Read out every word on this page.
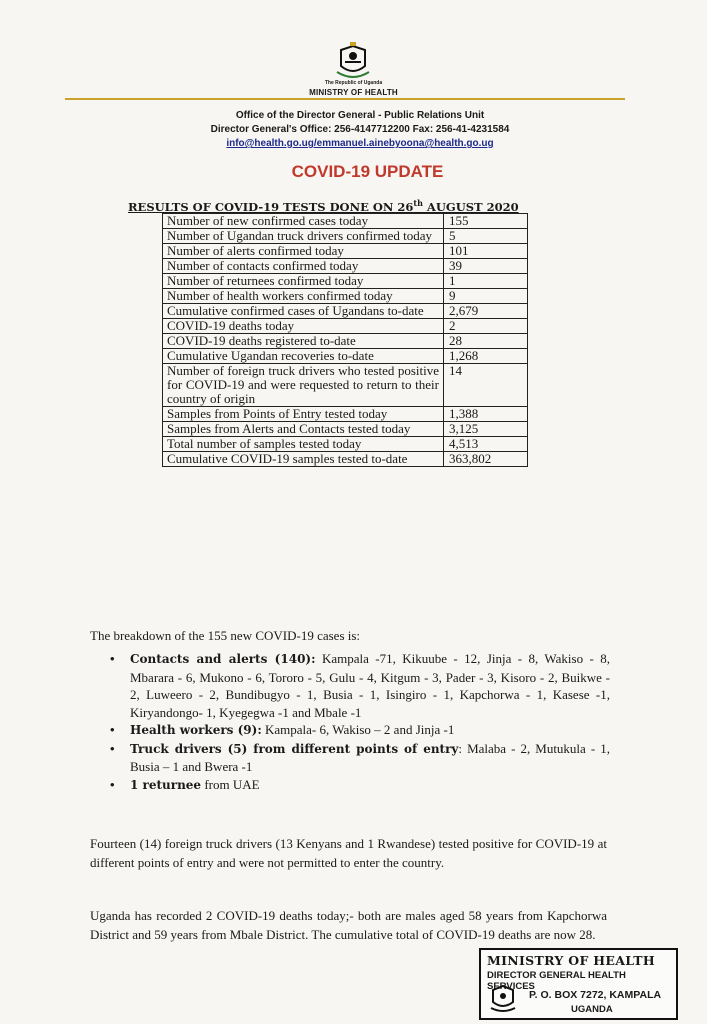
The Republic of Uganda
MINISTRY OF HEALTH
Office of the Director General - Public Relations Unit
Director General's Office: 256-4147712200 Fax: 256-41-4231584
info@health.go.ug/emmanuel.ainebyoona@health.go.ug
COVID-19 UPDATE
RESULTS OF COVID-19 TESTS DONE ON 26th AUGUST 2020
Number of new confirmed cases today	155
Number of Ugandan truck drivers confirmed today	5
Number of alerts confirmed today	101
Number of contacts confirmed today	39
Number of returnees confirmed today	1
Number of health workers confirmed today	9
Cumulative confirmed cases of Ugandans to-date	2,679
COVID-19 deaths today	2
COVID-19 deaths registered to-date	28
Cumulative Ugandan recoveries to-date	1,268
Number of foreign truck drivers who tested positive for COVID-19 and were requested to return to their country of origin	14
Samples from Points of Entry tested today	1,388
Samples from Alerts and Contacts tested today	3,125
Total number of samples tested today	4,513
Cumulative COVID-19 samples tested to-date	363,802
The breakdown of the 155 new COVID-19 cases is:
• Contacts and alerts (140): Kampala -71, Kikuube - 12, Jinja - 8, Wakiso - 8, Mbarara - 6, Mukono - 6, Tororo - 5, Gulu - 4, Kitgum - 3, Pader - 3, Kisoro - 2, Buikwe - 2, Luweero - 2, Bundibugyo - 1, Busia - 1, Isingiro - 1, Kapchorwa - 1, Kasese -1, Kiryandongo- 1, Kyegegwa -1 and Mbale -1
• Health workers (9): Kampala- 6, Wakiso – 2 and Jinja -1
• Truck drivers (5) from different points of entry: Malaba - 2, Mutukula - 1, Busia – 1 and Bwera -1
• 1 returnee from UAE
Fourteen (14) foreign truck drivers (13 Kenyans and 1 Rwandese) tested positive for COVID-19 at different points of entry and were not permitted to enter the country.
Uganda has recorded 2 COVID-19 deaths today;- both are males aged 58 years from Kapchorwa District and 59 years from Mbale District. The cumulative total of COVID-19 deaths are now 28.
MINISTRY OF HEALTH
DIRECTOR GENERAL HEALTH SERVICES
P. O. BOX 7272, KAMPALA
UGANDA
